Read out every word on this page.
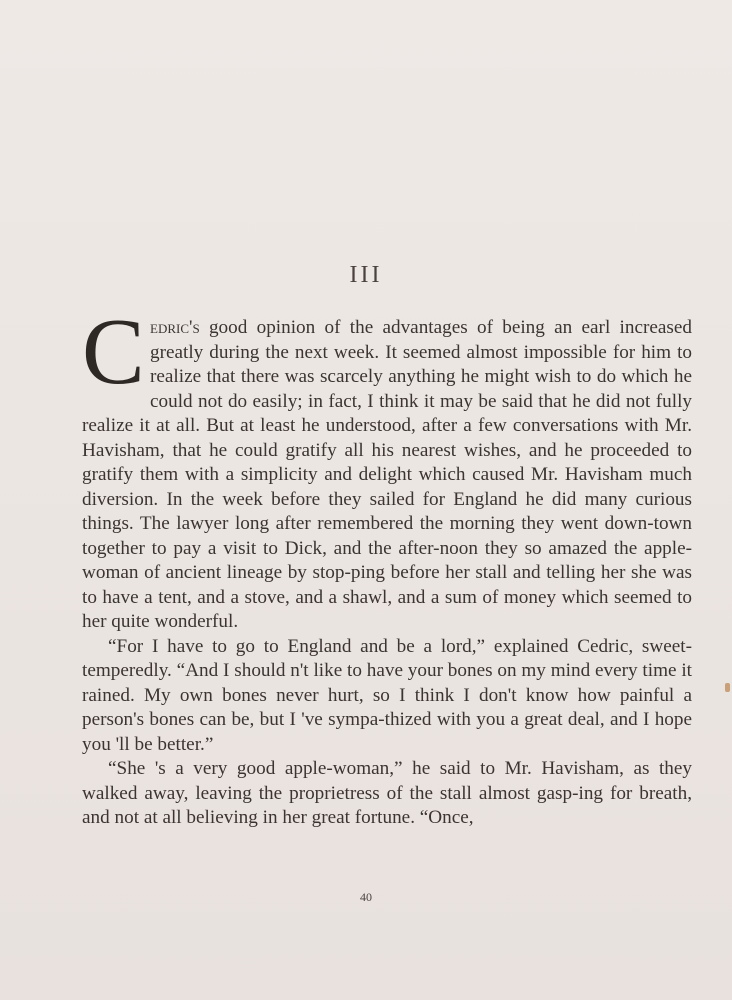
III

Cedric's good opinion of the advantages of being an earl increased greatly during the next week. It seemed almost impossible for him to realize that there was scarcely anything he might wish to do which he could not do easily; in fact, I think it may be said that he did not fully realize it at all. But at least he understood, after a few conversations with Mr. Havisham, that he could gratify all his nearest wishes, and he proceeded to gratify them with a simplicity and delight which caused Mr. Havisham much diversion. In the week before they sailed for England he did many curious things. The lawyer long after remembered the morning they went down-town together to pay a visit to Dick, and the after-noon they so amazed the apple-woman of ancient lineage by stop-ping before her stall and telling her she was to have a tent, and a stove, and a shawl, and a sum of money which seemed to her quite wonderful.

“For I have to go to England and be a lord,” explained Cedric, sweet-temperedly. “And I should n't like to have your bones on my mind every time it rained. My own bones never hurt, so I think I don't know how painful a person's bones can be, but I 've sympa-thized with you a great deal, and I hope you 'll be better.”

“She 's a very good apple-woman,” he said to Mr. Havisham, as they walked away, leaving the proprietress of the stall almost gasp-ing for breath, and not at all believing in her great fortune. “Once,

40
